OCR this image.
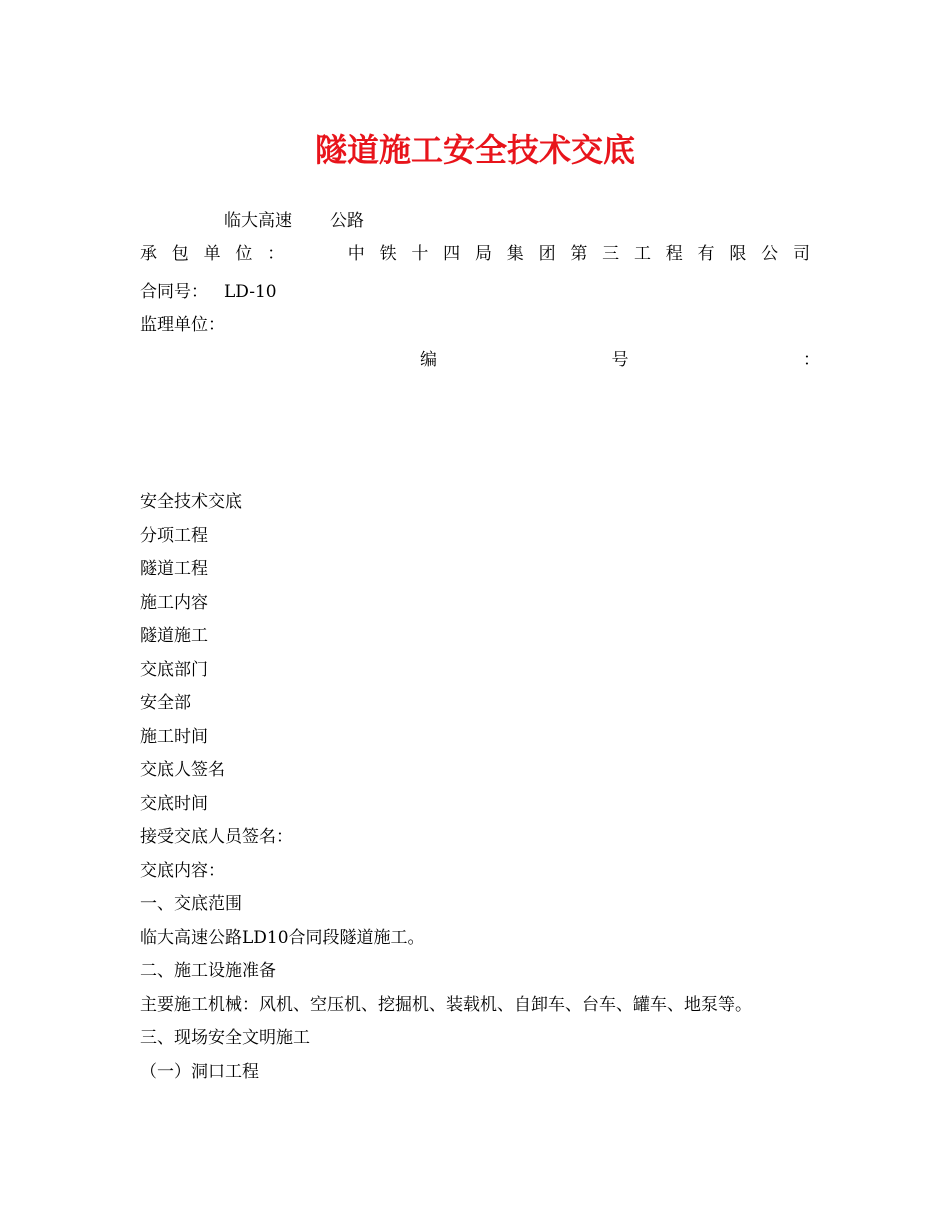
隧道施工安全技术交底
临大高速 公路
承 包 单 位 ：	中 铁 十 四 局 集 团 第 三 工 程 有 限 公 司
合同号： LD-10
监理单位：
编	号	：
安全技术交底
分项工程
隧道工程
施工内容
隧道施工
交底部门
安全部
施工时间
交底人签名
交底时间
接受交底人员签名：
交底内容：
一、交底范围
临大高速公路LD10合同段隧道施工。
二、施工设施准备
主要施工机械：风机、空压机、挖掘机、装载机、自卸车、台车、罐车、地泵等。
三、现场安全文明施工
（一）洞口工程
